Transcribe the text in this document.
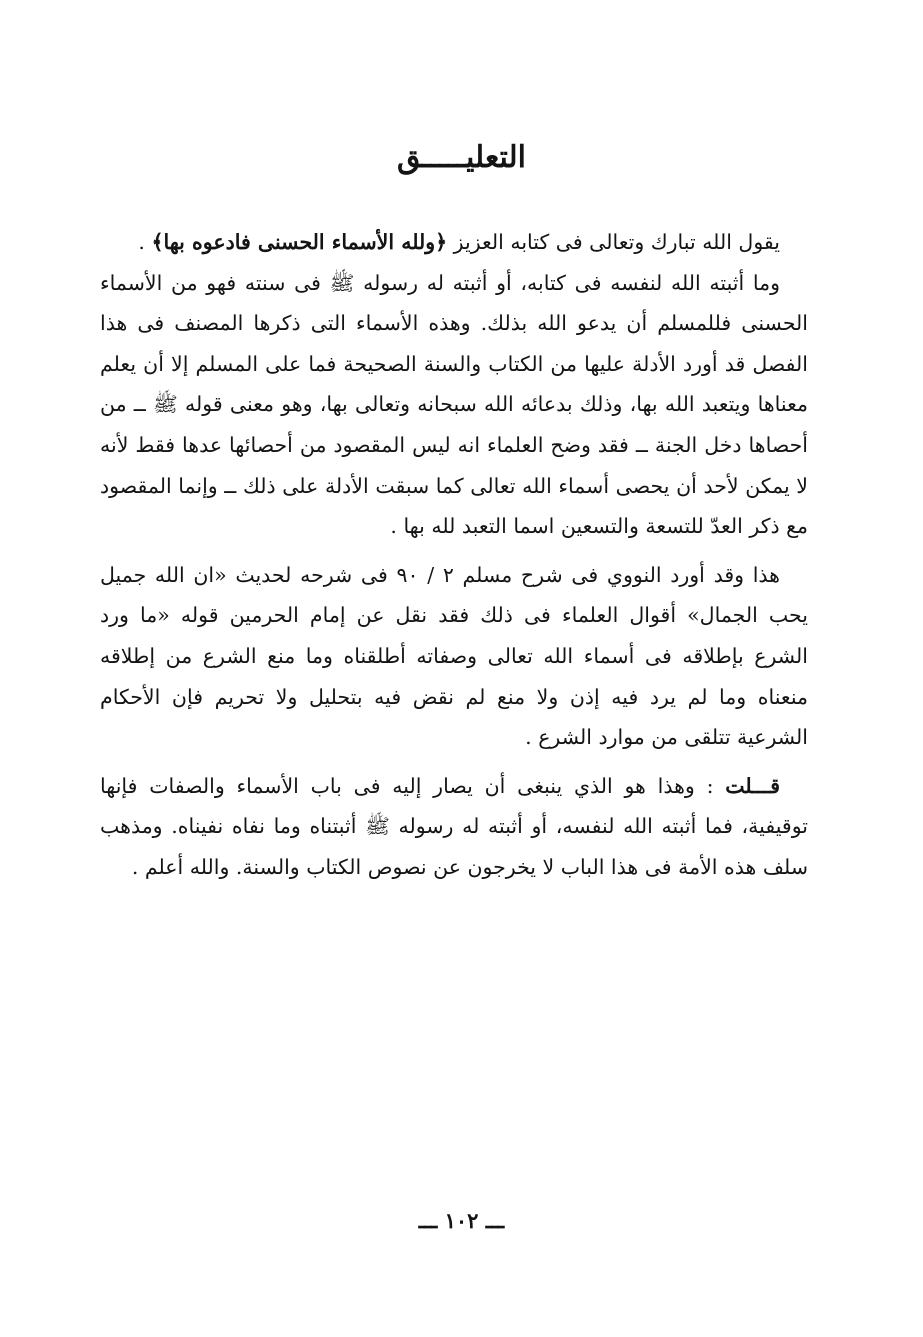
التعليـــــق

يقول الله تبارك وتعالى فى كتابه العزيز ﴿ولله الأسماء الحسنى فادعوه بها﴾ .

وما أثبته الله لنفسه فى كتابه، أو أثبته له رسوله ﷺ فى سنته فهو من الأسماء الحسنى فللمسلم أن يدعو الله بذلك. وهذه الأسماء التى ذكرها المصنف فى هذا الفصل قد أورد الأدلة عليها من الكتاب والسنة الصحيحة فما على المسلم إلا أن يعلم معناها ويتعبد الله بها، وذلك بدعائه الله سبحانه وتعالى بها، وهو معنى قوله ﷺ ــ من أحصاها دخل الجنة ــ فقد وضح العلماء انه ليس المقصود من أحصائها عدها فقط لأنه لا يمكن لأحد أن يحصى أسماء الله تعالى كما سبقت الأدلة على ذلك ــ وإنما المقصود مع ذكر العدّ للتسعة والتسعين اسما التعبد لله بها .

هذا وقد أورد النووي فى شرح مسلم ٢ / ٩٠ فى شرحه لحديث «ان الله جميل يحب الجمال» أقوال العلماء فى ذلك فقد نقل عن إمام الحرمين قوله «ما ورد الشرع بإطلاقه فى أسماء الله تعالى وصفاته أطلقناه وما منع الشرع من إطلاقه منعناه وما لم يرد فيه إذن ولا منع لم نقض فيه بتحليل ولا تحريم فإن الأحكام الشرعية تتلقى من موارد الشرع .

قـــلت : وهذا هو الذي ينبغى أن يصار إليه فى باب الأسماء والصفات فإنها توقيفية، فما أثبته الله لنفسه، أو أثبته له رسوله ﷺ أثبتناه وما نفاه نفيناه. ومذهب سلف هذه الأمة فى هذا الباب لا يخرجون عن نصوص الكتاب والسنة. والله أعلم .

ـــ ١٠٢ ـــ
